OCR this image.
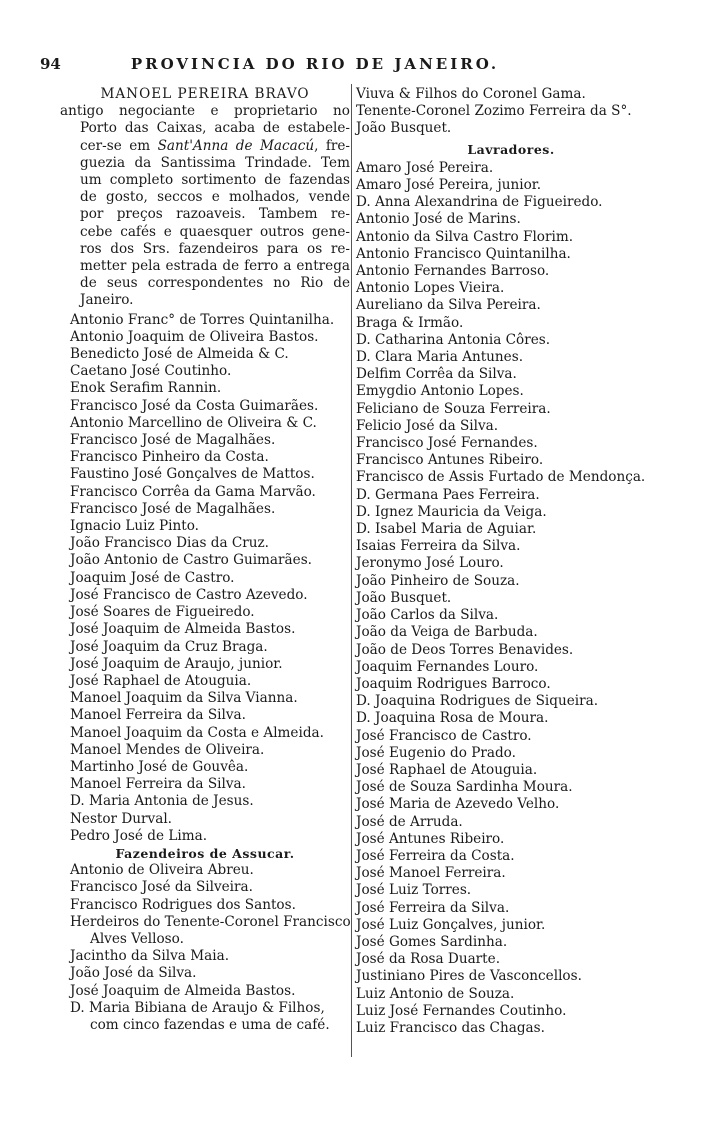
94	PROVINCIA DO RIO DE JANEIRO.
MANOEL PEREIRA BRAVO
antigo negociante e proprietario no
Porto das Caixas, acaba de estabele-
cer-se em Sant'Anna de Macacú, fre-
guezia da Santissima Trindade. Tem
um completo sortimento de fazendas
de gosto, seccos e molhados, vende
por preços razoaveis. Tambem re-
cebe cafés e quaesquer outros gene-
ros dos Srs. fazendeiros para os re-
metter pela estrada de ferro a entrega
de seus correspondentes no Rio de
Janeiro.
Antonio Franc° de Torres Quintanilha.
Antonio Joaquim de Oliveira Bastos.
Benedicto José de Almeida & C.
Caetano José Coutinho.
Enok Serafim Rannin.
Francisco José da Costa Guimarães.
Antonio Marcellino de Oliveira & C.
Francisco José de Magalhães.
Francisco Pinheiro da Costa.
Faustino José Gonçalves de Mattos.
Francisco Corrêa da Gama Marvão.
Francisco José de Magalhães.
Ignacio Luiz Pinto.
João Francisco Dias da Cruz.
João Antonio de Castro Guimarães.
Joaquim José de Castro.
José Francisco de Castro Azevedo.
José Soares de Figueiredo.
José Joaquim de Almeida Bastos.
José Joaquim da Cruz Braga.
José Joaquim de Araujo, junior.
José Raphael de Atouguia.
Manoel Joaquim da Silva Vianna.
Manoel Ferreira da Silva.
Manoel Joaquim da Costa e Almeida.
Manoel Mendes de Oliveira.
Martinho José de Gouvêa.
Manoel Ferreira da Silva.
D. Maria Antonia de Jesus.
Nestor Durval.
Pedro José de Lima.
Fazendeiros de Assucar.
Antonio de Oliveira Abreu.
Francisco José da Silveira.
Francisco Rodrigues dos Santos.
Herdeiros do Tenente-Coronel Francisco
Alves Velloso.
Jacintho da Silva Maia.
João José da Silva.
José Joaquim de Almeida Bastos.
D. Maria Bibiana de Araujo & Filhos,
com cinco fazendas e uma de café.
Viuva & Filhos do Coronel Gama.
Tenente-Coronel Zozimo Ferreira da S°.
João Busquet.
Lavradores.
Amaro José Pereira.
Amaro José Pereira, junior.
D. Anna Alexandrina de Figueiredo.
Antonio José de Marins.
Antonio da Silva Castro Florim.
Antonio Francisco Quintanilha.
Antonio Fernandes Barroso.
Antonio Lopes Vieira.
Aureliano da Silva Pereira.
Braga & Irmão.
D. Catharina Antonia Côres.
D. Clara Maria Antunes.
Delfim Corrêa da Silva.
Emygdio Antonio Lopes.
Feliciano de Souza Ferreira.
Felicio José da Silva.
Francisco José Fernandes.
Francisco Antunes Ribeiro.
Francisco de Assis Furtado de Mendonça.
D. Germana Paes Ferreira.
D. Ignez Mauricia da Veiga.
D. Isabel Maria de Aguiar.
Isaias Ferreira da Silva.
Jeronymo José Louro.
João Pinheiro de Souza.
João Busquet.
João Carlos da Silva.
João da Veiga de Barbuda.
João de Deos Torres Benavides.
Joaquim Fernandes Louro.
Joaquim Rodrigues Barroco.
D. Joaquina Rodrigues de Siqueira.
D. Joaquina Rosa de Moura.
José Francisco de Castro.
José Eugenio do Prado.
José Raphael de Atouguia.
José de Souza Sardinha Moura.
José Maria de Azevedo Velho.
José de Arruda.
José Antunes Ribeiro.
José Ferreira da Costa.
José Manoel Ferreira.
José Luiz Torres.
José Ferreira da Silva.
José Luiz Gonçalves, junior.
José Gomes Sardinha.
José da Rosa Duarte.
Justiniano Pires de Vasconcellos.
Luiz Antonio de Souza.
Luiz José Fernandes Coutinho.
Luiz Francisco das Chagas.
